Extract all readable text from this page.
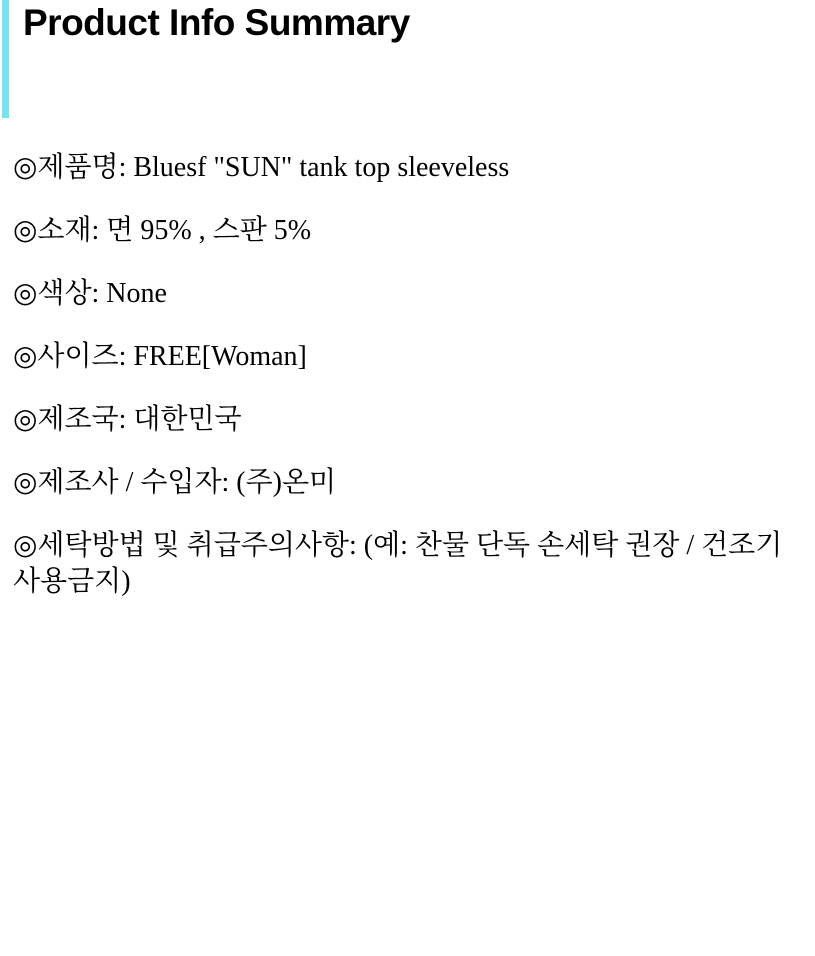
Product Info Summary

◎제품명: Bluesf "SUN" tank top sleeveless

◎소재: 면 95% , 스판 5%

◎색상: None

◎사이즈: FREE[Woman]

◎제조국: 대한민국

◎제조사 / 수입자: (주)온미

◎세탁방법 및 취급주의사항: (예: 찬물 단독 손세탁 권장 / 건조기 사용금지)
